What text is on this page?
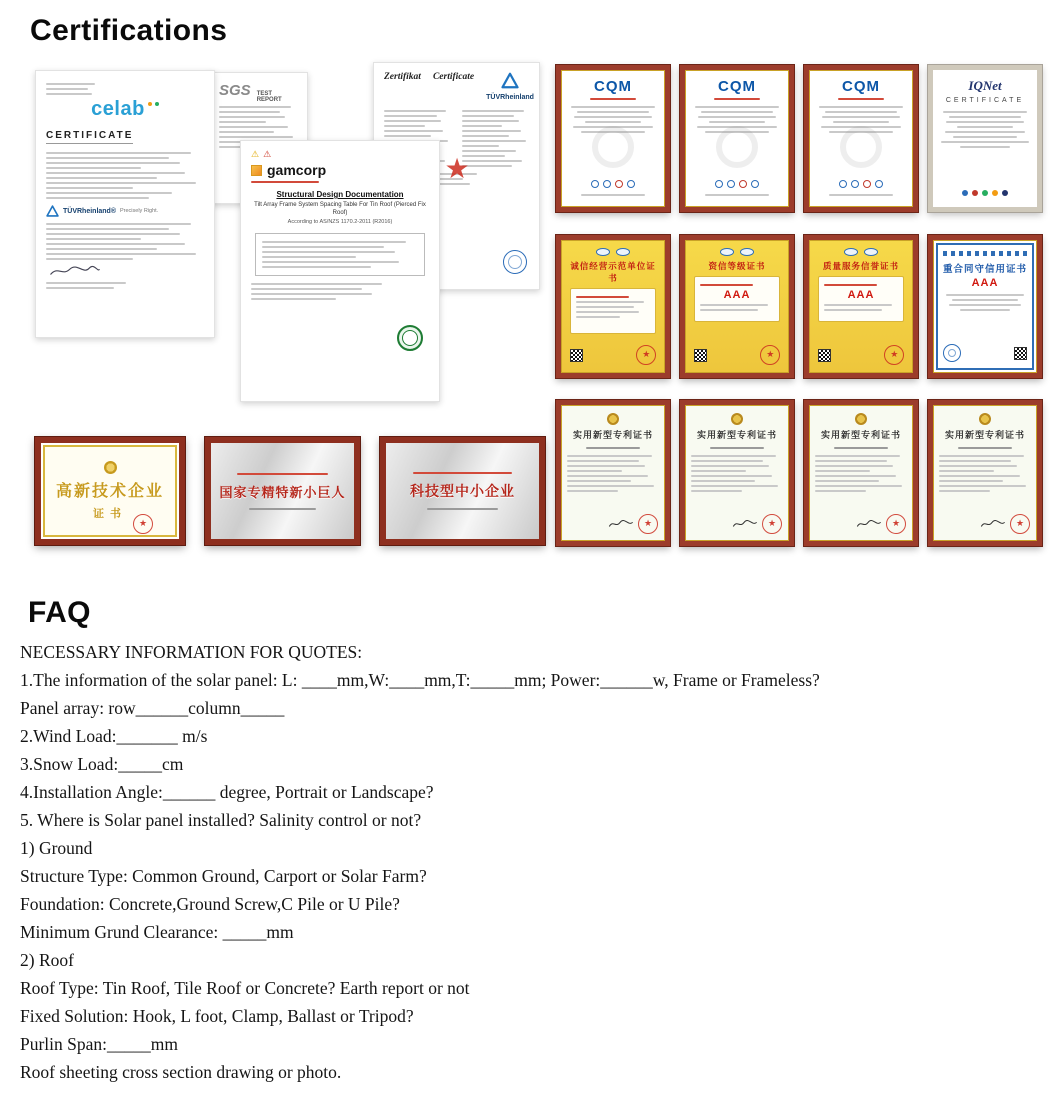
Certifications
celab
CERTIFICATE
TÜVRheinland® Precisely Right.
SGS TEST REPORT
Zertifikat Certificate
TÜVRheinland
⚠
⚠
gamcorp
Structural Design Documentation
Tilt Array Frame System Spacing Table For Tin Roof (Pierced Fix Roof)
According to AS/NZS 1170.2-2011 (R2016)
★
CQM	CQM	CQM	IQNet
CERTIFICATE
诚信经营示范单位证书
★
资信等级证书
AAA
★
质量服务信誉证书
AAA
★
重合同守信用证书
AAA
实用新型专利证书
★	实用新型专利证书
★	实用新型专利证书
★	实用新型专利证书
★
高新技术企业
证书
★
国家专精特新小巨人	科技型中小企业
FAQ
NECESSARY INFORMATION FOR QUOTES:
1.The information of the solar panel: L: ____mm,W:____mm,T:_____mm; Power:______w, Frame or Frameless?
Panel array: row______column_____
2.Wind Load:_______ m/s
3.Snow Load:_____cm
4.Installation Angle:______ degree, Portrait or Landscape?
5. Where is Solar panel installed? Salinity control or not?
1) Ground
Structure Type: Common Ground, Carport or Solar Farm?
Foundation: Concrete,Ground Screw,C Pile or U Pile?
Minimum Grund Clearance: _____mm
2) Roof
Roof Type: Tin Roof, Tile Roof or Concrete? Earth report or not
Fixed Solution: Hook, L foot, Clamp, Ballast or Tripod?
Purlin Span:_____mm
Roof sheeting cross section drawing or photo.
